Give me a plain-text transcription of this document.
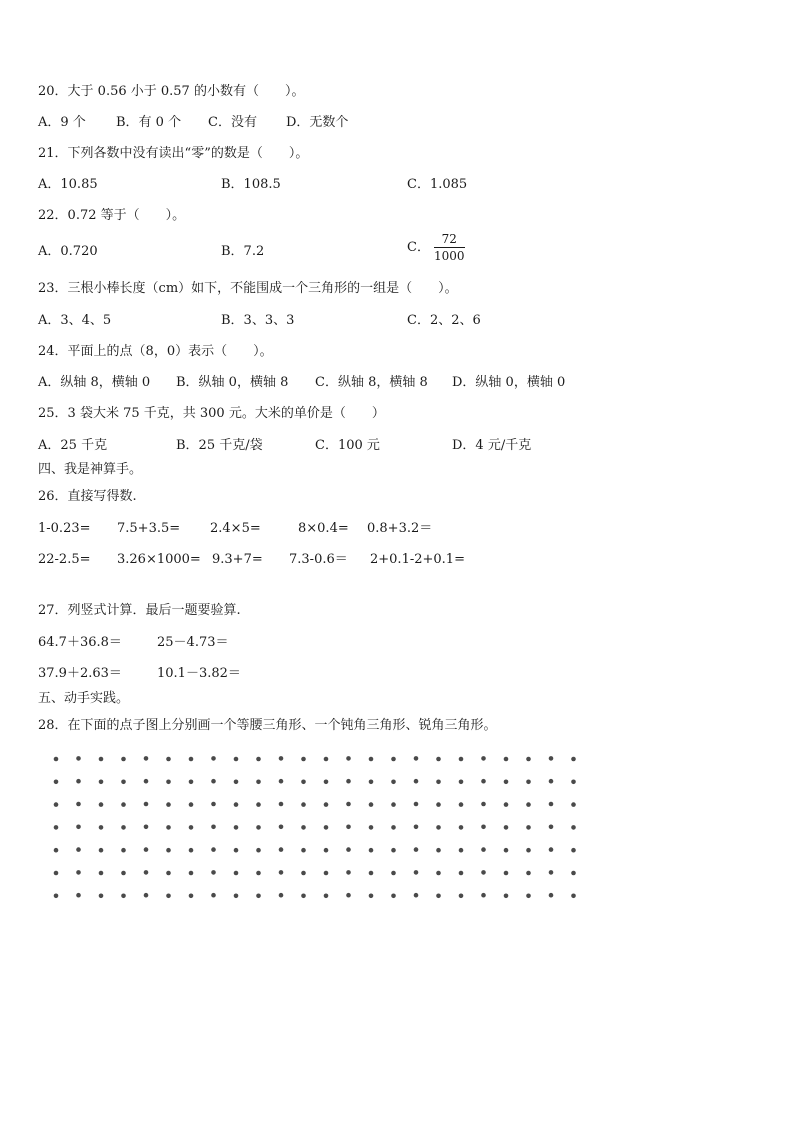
20．大于 0.56 小于 0.57 的小数有（　　）。
A．9 个 B．有 0 个 C．没有 D．无数个
21．下列各数中没有读出“零”的数是（　　）。
A．10.85	B．108.5	C．1.085
22．0.72 等于（　　）。
A．0.720	B．7.2	C． $\frac{72}{1000}$
23．三根小棒长度（cm）如下，不能围成一个三角形的一组是（　　）。
A．3、4、5	B．3、3、3	C．2、2、6
24．平面上的点（8，0）表示（　　）。
A．纵轴 8，横轴 0 B．纵轴 0，横轴 8 C．纵轴 8，横轴 8 D．纵轴 0，横轴 0
25．3 袋大米 75 千克，共 300 元。大米的单价是（　　）
A．25 千克	B．25 千克/袋	C．100 元	D．4 元/千克
四、我是神算手。
26．直接写得数.
1-0.23= 7.5+3.5= 2.4×5=	8×0.4= 0.8+3.2＝
22-2.5= 3.26×1000= 9.3+7= 7.3-0.6＝ 2+0.1-2+0.1=
27．列竖式计算．最后一题要验算.
64.7＋36.8＝	25－4.73＝
37.9＋2.63＝	10.1－3.82＝
五、动手实践。
28．在下面的点子图上分别画一个等腰三角形、一个钝角三角形、锐角三角形。
